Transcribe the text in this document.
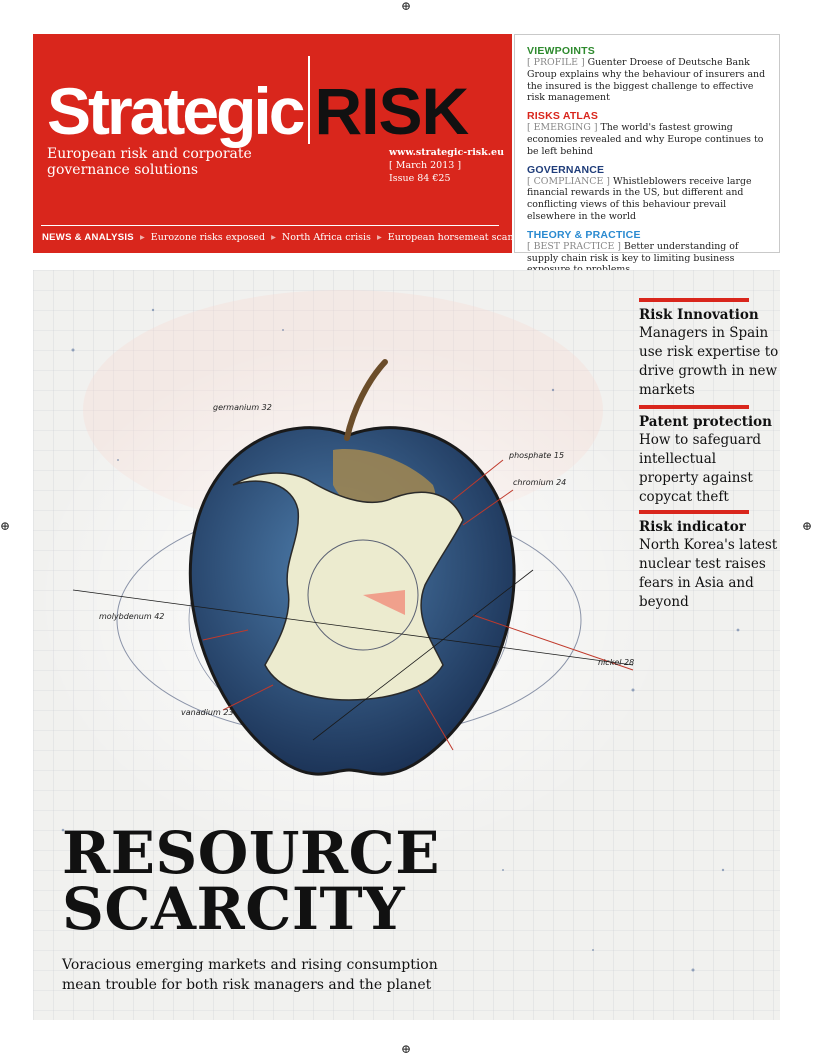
⊕
⊕	⊕
⊕
Strategic RISK
European risk and corporate governance solutions
www.strategic-risk.eu
[ March 2013 ]
Issue 84 €25
NEWS & ANALYSIS ▸ Eurozone risks exposed ▸ North Africa crisis ▸ European horsemeat scandal
VIEWPOINTS
[ PROFILE ] Guenter Droese of Deutsche Bank Group explains why the behaviour of insurers and the insured is the biggest challenge to effective risk management
RISKS ATLAS
[ EMERGING ] The world's fastest growing economies revealed and why Europe continues to be left behind
GOVERNANCE
[ COMPLIANCE ] Whistleblowers receive large financial rewards in the US, but different and conflicting views of this behaviour prevail elsewhere in the world
THEORY & PRACTICE
[ BEST PRACTICE ] Better understanding of supply chain risk is key to limiting business
phosphate 15
molybdenum 42
vanadium 23
nickel 28
chromium 24
germanium 32
Risk Innovation
Managers in Spain use risk expertise to drive growth in new markets
Patent protection
How to safeguard intellectual property against copycat theft
Risk indicator
North Korea's latest nuclear test raises fears in Asia and beyond
RESOURCE
SCARCITY
Voracious emerging markets and rising consumption mean trouble for both risk managers and the planet
